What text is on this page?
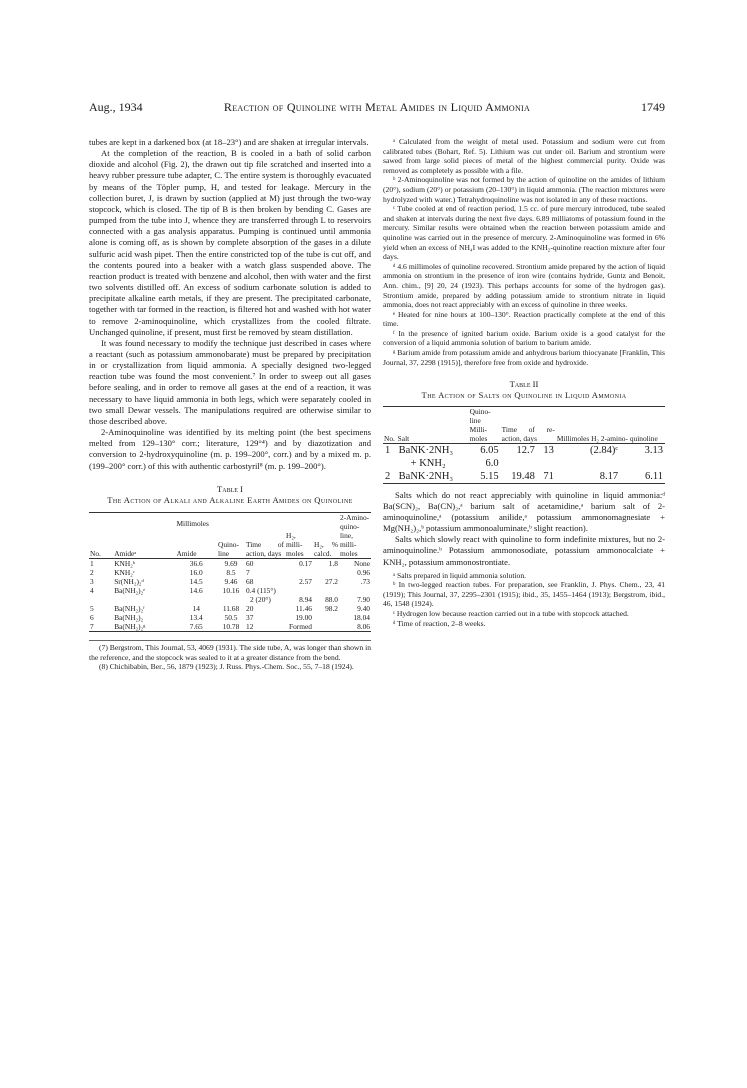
Aug., 1934	Reaction of Quinoline with Metal Amides in Liquid Ammonia	1749

tubes are kept in a darkened box (at 18–23°) and are shaken at irregular intervals.

At the completion of the reaction, B is cooled in a bath of solid carbon dioxide and alcohol (Fig. 2), the drawn out tip file scratched and inserted into a heavy rubber pressure tube adapter, C. The entire system is thoroughly evacuated by means of the Töpler pump, H, and tested for leakage. Mercury in the collection buret, J, is drawn by suction (applied at M) just through the two-way stopcock, which is closed. The tip of B is then broken by bending C. Gases are pumped from the tube into J, whence they are transferred through L to reservoirs connected with a gas analysis apparatus. Pumping is continued until ammonia alone is coming off, as is shown by complete absorption of the gases in a dilute sulfuric acid wash pipet. Then the entire constricted top of the tube is cut off, and the contents poured into a beaker with a watch glass suspended above. The reaction product is treated with benzene and alcohol, then with water and the first two solvents distilled off. An excess of sodium carbonate solution is added to precipitate alkaline earth metals, if they are present. The precipitated carbonate, together with tar formed in the reaction, is filtered hot and washed with hot water to remove 2-aminoquinoline, which crystallizes from the cooled filtrate. Unchanged quinoline, if present, must first be removed by steam distillation.

It was found necessary to modify the technique just described in cases where a reactant (such as potassium ammonobarate) must be prepared by precipitation in or crystallization from liquid ammonia. A specially designed two-legged reaction tube was found the most convenient.⁷ In order to sweep out all gases before sealing, and in order to remove all gases at the end of a reaction, it was necessary to have liquid ammonia in both legs, which were separately cooled in two small Dewar vessels. The manipulations required are otherwise similar to those described above.

2-Aminoquinoline was identified by its melting point (the best specimens melted from 129–130° corr.; literature, 129°⁴) and by diazotization and conversion to 2-hydroxyquinoline (m. p. 199–200°, corr.) and by a mixed m. p. (199–200° corr.) of this with authentic carbostyril⁸ (m. p. 199–200°).

Table I
The Action of Alkali and Alkaline Earth Amides on Quinoline
No.	Amideᵃ	Millimoles		Time of action, days	H₂, milli- moles	H₂, % calcd.	2-Amino- quino- line, milli- moles
		Amide	Quino- line				
1	KNH₂ᵇ	36.6	9.69	60	0.17	1.8	None
2	KNH₂ᶜ	16.0	8.5	7			0.96
3	Sr(NH₂)₂ᵈ	14.5	9.46	68	2.57	27.2	.73
4	Ba(NH₂)₂ᵉ	14.6	10.16	0.4 (115°)			
				2 (20°)	8.94	88.0	7.90
5	Ba(NH₂)₂ᶠ	14	11.68	20	11.46	98.2	9.40
6	Ba(NH₂)₂	13.4	50.5	37	19.00		18.04
7	Ba(NH₂)₂ᵍ	7.65	10.78	12	Formed		8.06

(7) Bergstrom, This Journal, 53, 4069 (1931). The side tube, A, was longer than shown in the reference, and the stopcock was sealed to it at a greater distance from the bend.

(8) Chichibabin, Ber., 56, 1879 (1923); J. Russ. Phys.-Chem. Soc., 55, 7–18 (1924).

ᵃ Calculated from the weight of metal used. Potassium and sodium were cut from calibrated tubes (Bohart, Ref. 5). Lithium was cut under oil. Barium and strontium were sawed from large solid pieces of metal of the highest commercial purity. Oxide was removed as completely as possible with a file.

ᵇ 2-Aminoquinoline was not formed by the action of quinoline on the amides of lithium (20°), sodium (20°) or potassium (20–130°) in liquid ammonia. (The reaction mixtures were hydrolyzed with water.) Tetrahydroquinoline was not isolated in any of these reactions.

ᶜ Tube cooled at end of reaction period, 1.5 cc. of pure mercury introduced, tube sealed and shaken at intervals during the next five days. 6.89 milliatoms of potassium found in the mercury. Similar results were obtained when the reaction between potassium amide and quinoline was carried out in the presence of mercury. 2-Aminoquinoline was formed in 6% yield when an excess of NH₄I was added to the KNH₂-quinoline reaction mixture after four days.

ᵈ 4.6 millimoles of quinoline recovered. Strontium amide prepared by the action of liquid ammonia on strontium in the presence of iron wire (contains hydride, Guntz and Benoit, Ann. chim., [9] 20, 24 (1923). This perhaps accounts for some of the hydrogen gas). Strontium amide, prepared by adding potassium amide to strontium nitrate in liquid ammonia, does not react appreciably with an excess of quinoline in three weeks.

ᵉ Heated for nine hours at 100–130°. Reaction practically complete at the end of this time.

ᶠ In the presence of ignited barium oxide. Barium oxide is a good catalyst for the conversion of a liquid ammonia solution of barium to barium amide.

ᵍ Barium amide from potassium amide and anhydrous barium thiocyanate [Franklin, This Journal, 37, 2298 (1915)], therefore free from oxide and hydroxide.

Table II
The Action of Salts on Quinoline in Liquid Ammonia
No.	Salt	Quino- line Milli- moles	Time of re- action, days		Millimoles H₂ 2-amino- quinoline	
1	BaNK·2NH₃	6.05	12.7	13	(2.84)ᶜ	3.13
	+ KNH₂	6.0				
2	BaNK·2NH₃	5.15	19.48	71	8.17	6.11

Salts which do not react appreciably with quinoline in liquid ammonia:ᵈ Ba(SCN)₂, Ba(CN)₂,ᵃ barium salt of acetamidine,ᵃ barium salt of 2-aminoquinoline,ᵃ (potassium anilide,ᵃ potassium ammonomagnesiate + Mg(NH₂)₂,ᵇ potassium ammonoaluminate,ᵇ slight reaction).

Salts which slowly react with quinoline to form indefinite mixtures, but no 2-aminoquinoline.ᵇ Potassium ammonosodiate, potassium ammonocalciate + KNH₂, potassium ammonostrontiate.

ᵃ Salts prepared in liquid ammonia solution.

ᵇ In two-legged reaction tubes. For preparation, see Franklin, J. Phys. Chem., 23, 41 (1919); This Journal, 37, 2295–2301 (1915); ibid., 35, 1455–1464 (1913); Bergstrom, ibid., 46, 1548 (1924).

ᶜ Hydrogen low because reaction carried out in a tube with stopcock attached.

ᵈ Time of reaction, 2–8 weeks.
